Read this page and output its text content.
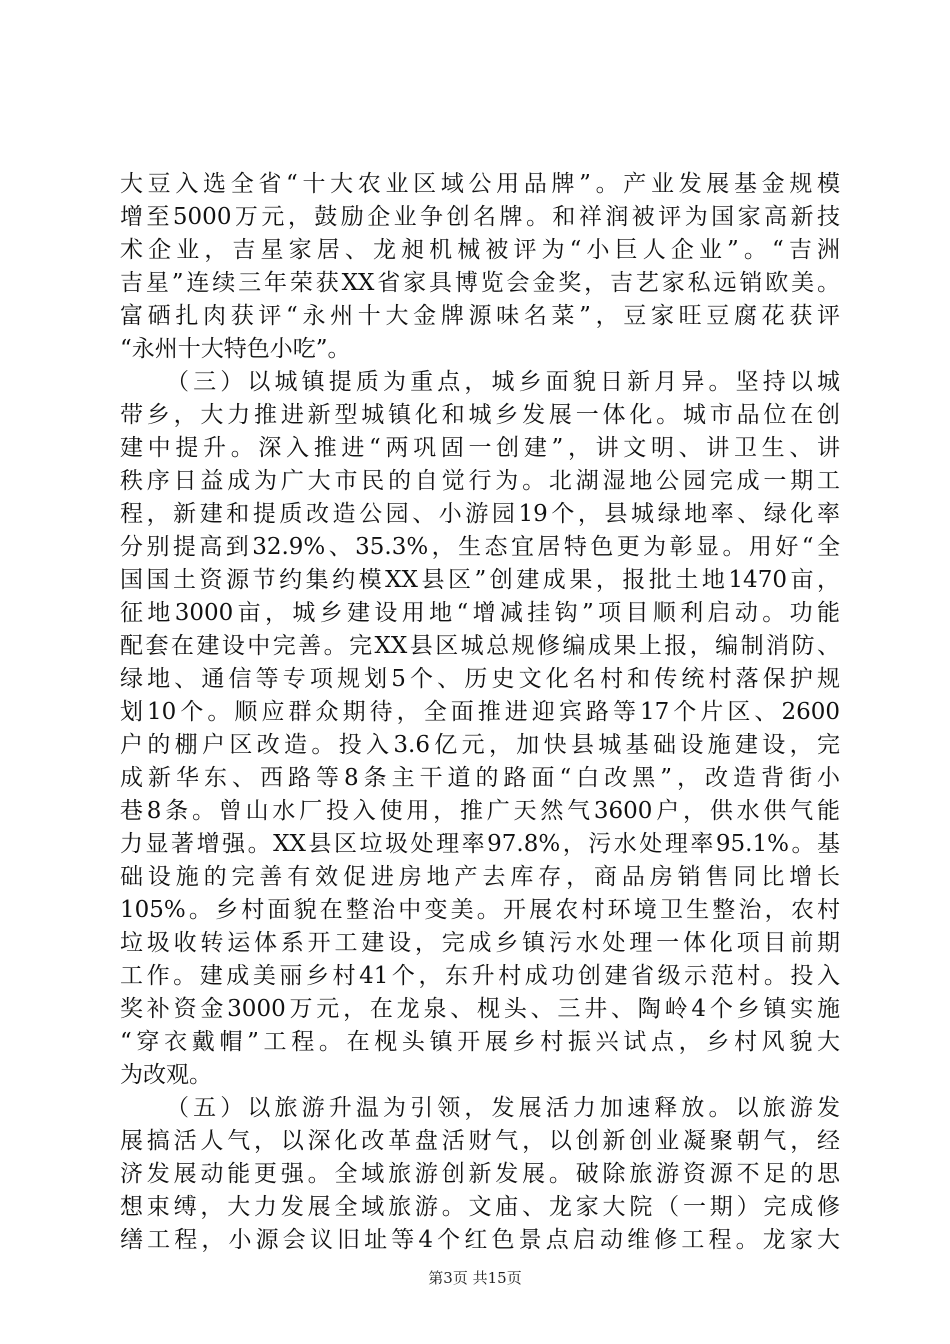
大豆入选全省“十大农业区域公用品牌”。产业发展基金规模
增至5000万元，鼓励企业争创名牌。和祥润被评为国家高新技
术企业，吉星家居、龙昶机械被评为“小巨人企业”。“吉洲
吉星”连续三年荣获XX省家具博览会金奖，吉艺家私远销欧美。
富硒扎肉获评“永州十大金牌源味名菜”，豆家旺豆腐花获评
“永州十大特色小吃”。
（三）以城镇提质为重点，城乡面貌日新月异。坚持以城
带乡，大力推进新型城镇化和城乡发展一体化。城市品位在创
建中提升。深入推进“两巩固一创建”，讲文明、讲卫生、讲
秩序日益成为广大市民的自觉行为。北湖湿地公园完成一期工
程，新建和提质改造公园、小游园19个，县城绿地率、绿化率
分别提高到32.9%、35.3%，生态宜居特色更为彰显。用好“全
国国土资源节约集约模XX县区”创建成果，报批土地1470亩，
征地3000亩，城乡建设用地“增减挂钩”项目顺利启动。功能
配套在建设中完善。完XX县区城总规修编成果上报，编制消防、
绿地、通信等专项规划5个、历史文化名村和传统村落保护规
划10个。顺应群众期待，全面推进迎宾路等17个片区、2600
户的棚户区改造。投入3.6亿元，加快县城基础设施建设，完
成新华东、西路等8条主干道的路面“白改黑”，改造背街小
巷8条。曾山水厂投入使用，推广天然气3600户，供水供气能
力显著增强。XX县区垃圾处理率97.8%，污水处理率95.1%。基
础设施的完善有效促进房地产去库存，商品房销售同比增长
105%。乡村面貌在整治中变美。开展农村环境卫生整治，农村
垃圾收转运体系开工建设，完成乡镇污水处理一体化项目前期
工作。建成美丽乡村41个，东升村成功创建省级示范村。投入
奖补资金3000万元，在龙泉、枧头、三井、陶岭4个乡镇实施
“穿衣戴帽”工程。在枧头镇开展乡村振兴试点，乡村风貌大
为改观。
（五）以旅游升温为引领，发展活力加速释放。以旅游发
展搞活人气，以深化改革盘活财气，以创新创业凝聚朝气，经
济发展动能更强。全域旅游创新发展。破除旅游资源不足的思
想束缚，大力发展全域旅游。文庙、龙家大院（一期）完成修
缮工程，小源会议旧址等4个红色景点启动维修工程。龙家大
第3页 共15页
